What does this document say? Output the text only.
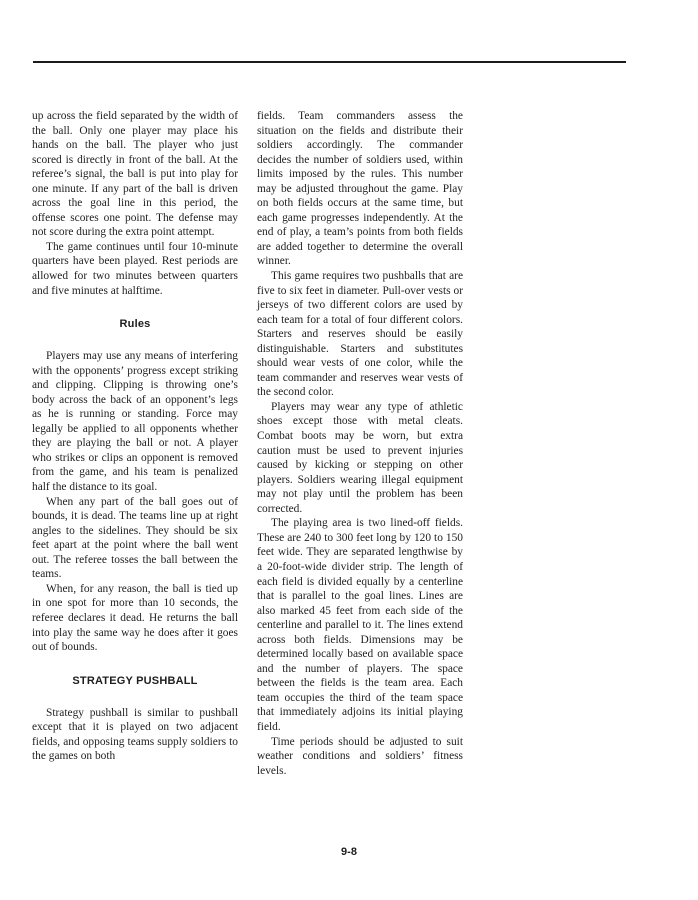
up across the field separated by the width of the ball. Only one player may place his hands on the ball. The player who just scored is directly in front of the ball. At the referee’s signal, the ball is put into play for one minute. If any part of the ball is driven across the goal line in this period, the offense scores one point. The defense may not score during the extra point attempt.

The game continues until four 10-minute quarters have been played. Rest periods are allowed for two minutes between quarters and five minutes at halftime.

Rules

Players may use any means of interfering with the opponents’ progress except striking and clipping. Clipping is throwing one’s body across the back of an opponent’s legs as he is running or standing. Force may legally be applied to all opponents whether they are playing the ball or not. A player who strikes or clips an opponent is removed from the game, and his team is penalized half the distance to its goal.

When any part of the ball goes out of bounds, it is dead. The teams line up at right angles to the sidelines. They should be six feet apart at the point where the ball went out. The referee tosses the ball between the teams.

When, for any reason, the ball is tied up in one spot for more than 10 seconds, the referee declares it dead. He returns the ball into play the same way he does after it goes out of bounds.

STRATEGY PUSHBALL

Strategy pushball is similar to pushball except that it is played on two adjacent fields, and opposing teams supply soldiers to the games on both

fields. Team commanders assess the situation on the fields and distribute their soldiers accordingly. The commander decides the number of soldiers used, within limits imposed by the rules. This number may be adjusted throughout the game. Play on both fields occurs at the same time, but each game progresses independently. At the end of play, a team’s points from both fields are added together to determine the overall winner.

This game requires two pushballs that are five to six feet in diameter. Pull-over vests or jerseys of two different colors are used by each team for a total of four different colors. Starters and reserves should be easily distinguishable. Starters and substitutes should wear vests of one color, while the team commander and reserves wear vests of the second color.

Players may wear any type of athletic shoes except those with metal cleats. Combat boots may be worn, but extra caution must be used to prevent injuries caused by kicking or stepping on other players. Soldiers wearing illegal equipment may not play until the problem has been corrected.

The playing area is two lined-off fields. These are 240 to 300 feet long by 120 to 150 feet wide. They are separated lengthwise by a 20-foot-wide divider strip. The length of each field is divided equally by a centerline that is parallel to the goal lines. Lines are also marked 45 feet from each side of the centerline and parallel to it. The lines extend across both fields. Dimensions may be determined locally based on available space and the number of players. The space between the fields is the team area. Each team occupies the third of the team space that immediately adjoins its initial playing field.

Time periods should be adjusted to suit weather conditions and soldiers’ fitness levels.

9-8
